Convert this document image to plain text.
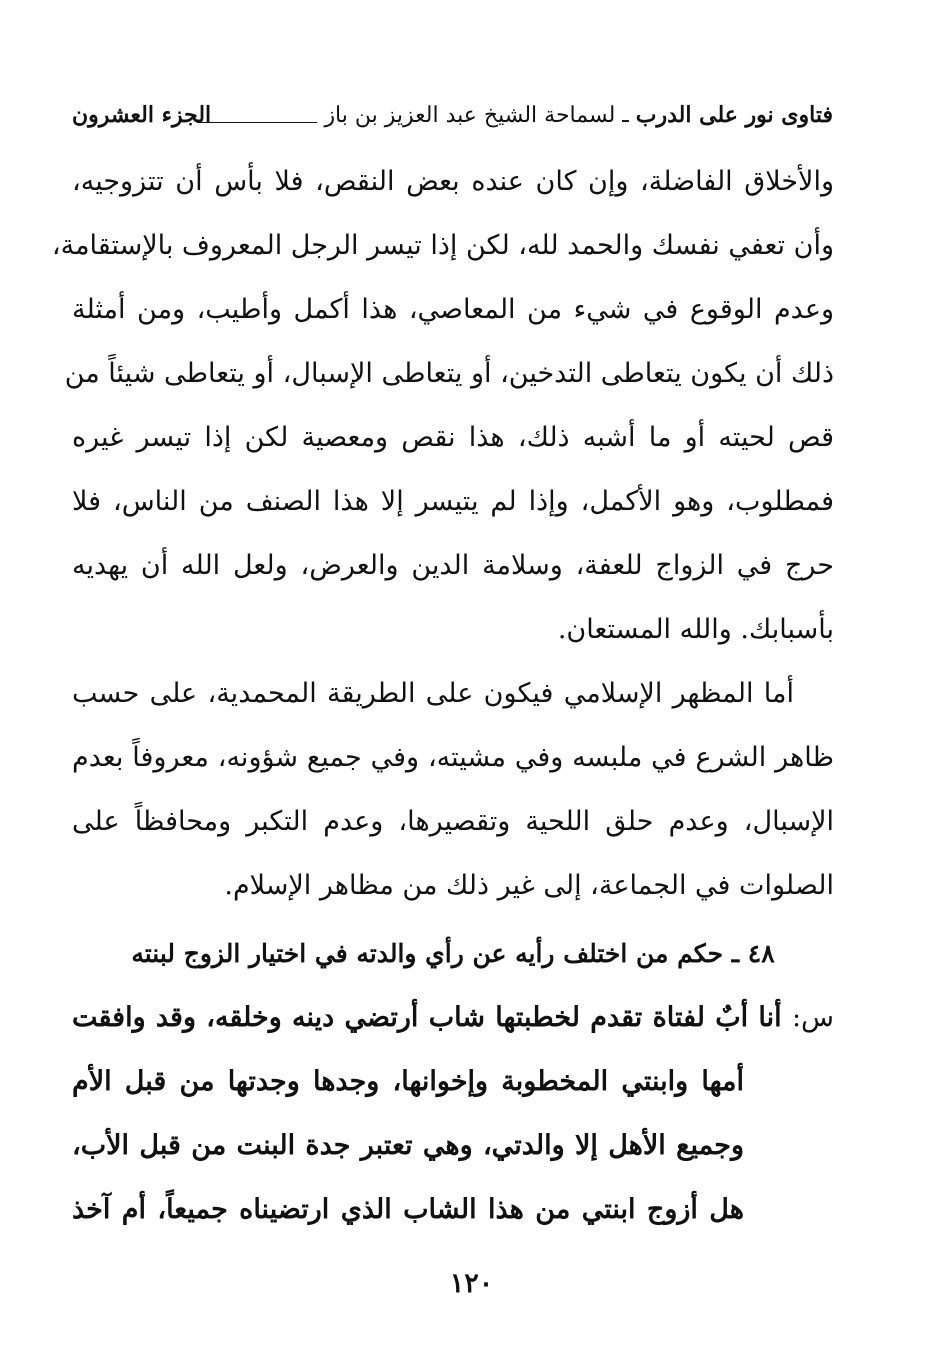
فتاوى نور على الدرب ـ لسماحة الشيخ عبد العزيز بن باز
الجزء العشرون
والأخلاق الفاضلة، وإن كان عنده بعض النقص، فلا بأس أن تتزوجيه،
وأن تعفي نفسك والحمد لله، لكن إذا تيسر الرجل المعروف بالإستقامة،
وعدم الوقوع في شيء من المعاصي، هذا أكمل وأطيب، ومن أمثلة
ذلك أن يكون يتعاطى التدخين، أو يتعاطى الإسبال، أو يتعاطى شيئاً من
قص لحيته أو ما أشبه ذلك، هذا نقص ومعصية لكن إذا تيسر غيره
فمطلوب، وهو الأكمل، وإذا لم يتيسر إلا هذا الصنف من الناس، فلا
حرج في الزواج للعفة، وسلامة الدين والعرض، ولعل الله أن يهديه
بأسبابك. والله المستعان.
أما المظهر الإسلامي فيكون على الطريقة المحمدية، على حسب
ظاهر الشرع في ملبسه وفي مشيته، وفي جميع شؤونه، معروفاً بعدم
الإسبال، وعدم حلق اللحية وتقصيرها، وعدم التكبر ومحافظاً على
الصلوات في الجماعة، إلى غير ذلك من مظاهر الإسلام.
٤٨ ـ حكم من اختلف رأيه عن رأي والدته في اختيار الزوج لبنته
س: أنا أبٌ لفتاة تقدم لخطبتها شاب أرتضي دينه وخلقه، وقد وافقت
أمها وابنتي المخطوبة وإخوانها، وجدها وجدتها من قبل الأم
وجميع الأهل إلا والدتي، وهي تعتبر جدة البنت من قبل الأب،
هل أزوج ابنتي من هذا الشاب الذي ارتضيناه جميعاً، أم آخذ
١٢٠
